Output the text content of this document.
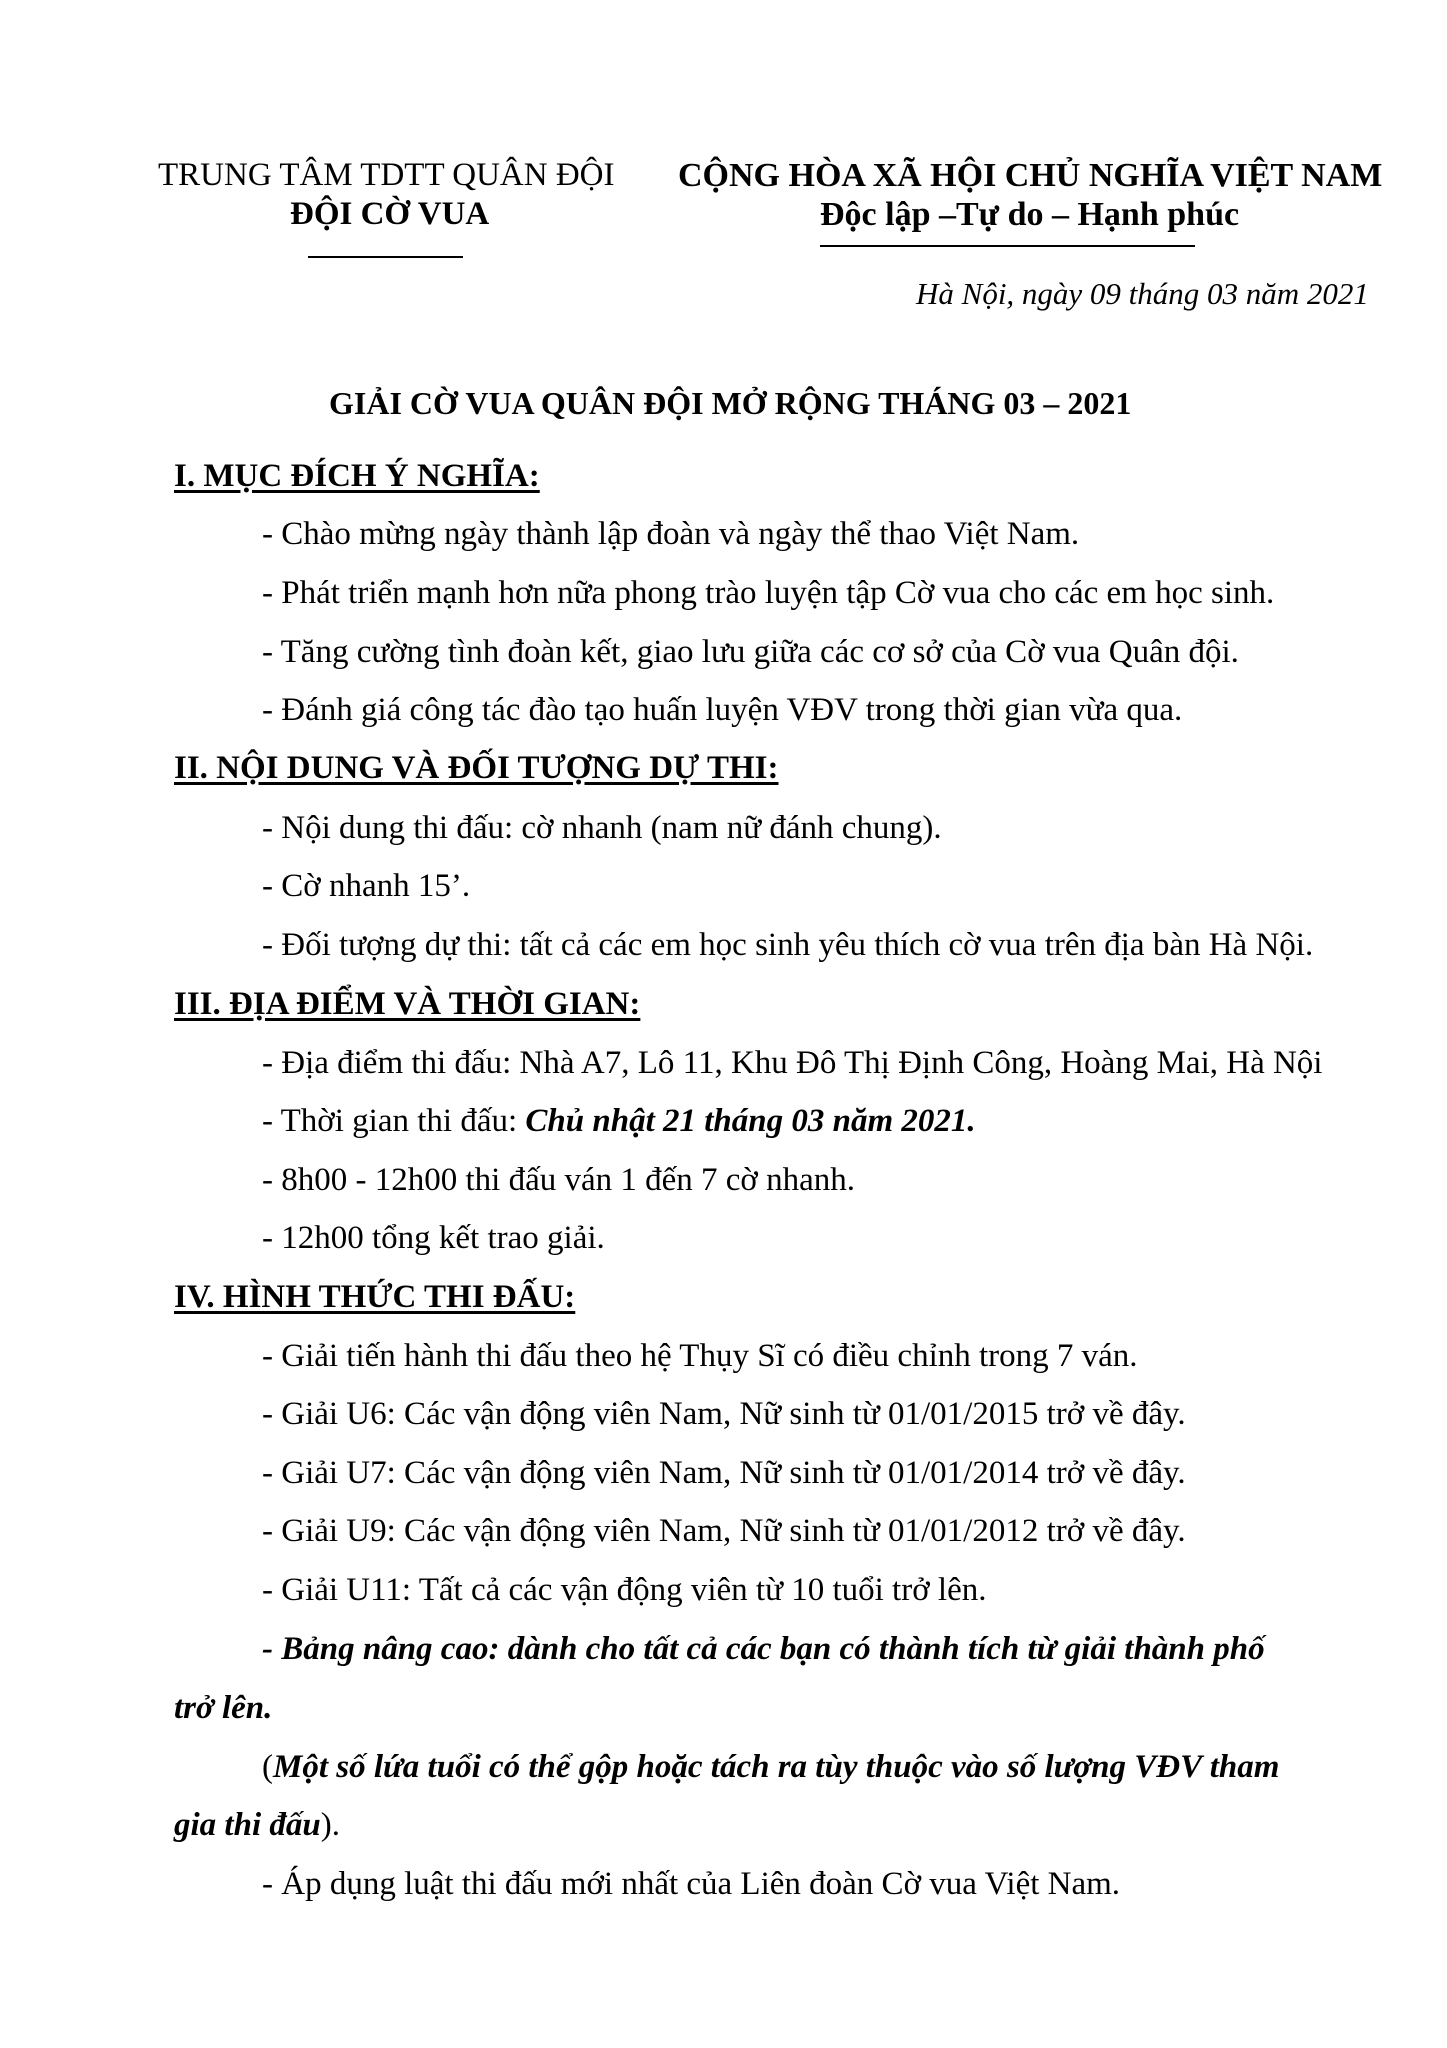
TRUNG TÂM TDTT QUÂN ĐỘI
ĐỘI CỜ VUA
CỘNG HÒA XÃ HỘI CHỦ NGHĨA VIỆT NAM
Độc lập –Tự do – Hạnh phúc
Hà Nội, ngày 09 tháng 03 năm 2021
GIẢI CỜ VUA QUÂN ĐỘI MỞ RỘNG THÁNG 03 – 2021
I. MỤC ĐÍCH Ý NGHĨA:
- Chào mừng ngày thành lập đoàn và ngày thể thao Việt Nam.
- Phát triển mạnh hơn nữa phong trào luyện tập Cờ vua cho các em học sinh.
- Tăng cường tình đoàn kết, giao lưu giữa các cơ sở của Cờ vua Quân đội.
- Đánh giá công tác đào tạo huấn luyện VĐV trong thời gian vừa qua.
II. NỘI DUNG VÀ ĐỐI TƯỢNG DỰ THI:
- Nội dung thi đấu: cờ nhanh (nam nữ đánh chung).
- Cờ nhanh 15’.
- Đối tượng dự thi: tất cả các em học sinh yêu thích cờ vua trên địa bàn Hà Nội.
III. ĐỊA ĐIỂM VÀ THỜI GIAN:
- Địa điểm thi đấu: Nhà A7, Lô 11, Khu Đô Thị Định Công, Hoàng Mai, Hà Nội
- Thời gian thi đấu: Chủ nhật 21 tháng 03 năm 2021.
- 8h00 - 12h00 thi đấu ván 1 đến 7 cờ nhanh.
- 12h00 tổng kết trao giải.
IV. HÌNH THỨC THI ĐẤU:
- Giải tiến hành thi đấu theo hệ Thụy Sĩ có điều chỉnh trong 7 ván.
- Giải U6: Các vận động viên Nam, Nữ sinh từ 01/01/2015 trở về đây.
- Giải U7: Các vận động viên Nam, Nữ sinh từ 01/01/2014 trở về đây.
- Giải U9: Các vận động viên Nam, Nữ sinh từ 01/01/2012 trở về đây.
- Giải U11: Tất cả các vận động viên từ 10 tuổi trở lên.
- Bảng nâng cao: dành cho tất cả các bạn có thành tích từ giải thành phố
trở lên.
(Một số lứa tuổi có thể gộp hoặc tách ra tùy thuộc vào số lượng VĐV tham
gia thi đấu).
- Áp dụng luật thi đấu mới nhất của Liên đoàn Cờ vua Việt Nam.
